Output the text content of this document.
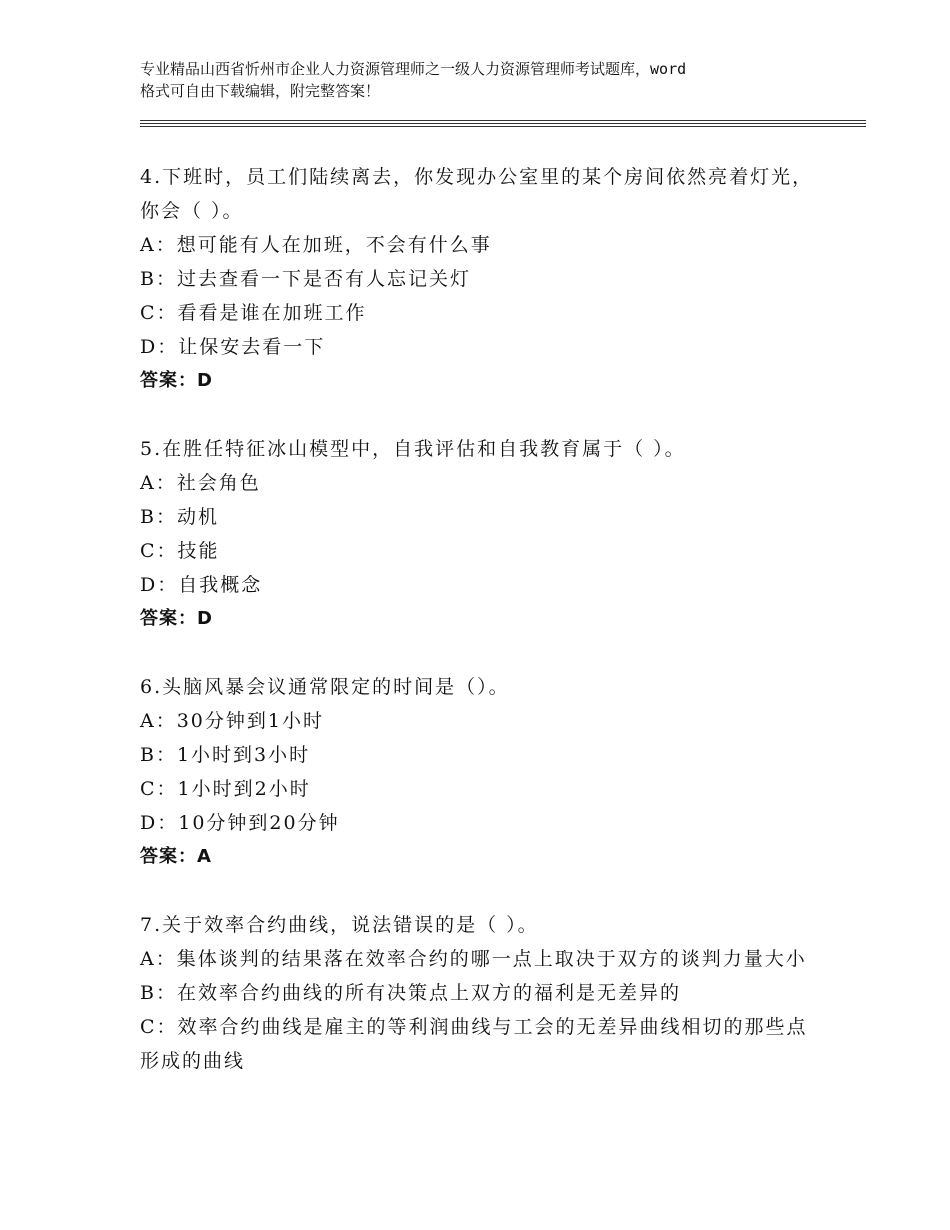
专业精品山西省忻州市企业人力资源管理师之一级人力资源管理师考试题库，word
格式可自由下载编辑，附完整答案！
4.下班时，员工们陆续离去，你发现办公室里的某个房间依然亮着灯光，你会（ ）。
A：想可能有人在加班，不会有什么事
B：过去查看一下是否有人忘记关灯
C：看看是谁在加班工作
D：让保安去看一下
答案：D
5.在胜任特征冰山模型中，自我评估和自我教育属于（ ）。
A：社会角色
B：动机
C：技能
D：自我概念
答案：D
6.头脑风暴会议通常限定的时间是（）。
A：30分钟到1小时
B：1小时到3小时
C：1小时到2小时
D：10分钟到20分钟
答案：A
7.关于效率合约曲线，说法错误的是（ ）。
A：集体谈判的结果落在效率合约的哪一点上取决于双方的谈判力量大小
B：在效率合约曲线的所有决策点上双方的福利是无差异的
C：效率合约曲线是雇主的等利润曲线与工会的无差异曲线相切的那些点形成的曲线
